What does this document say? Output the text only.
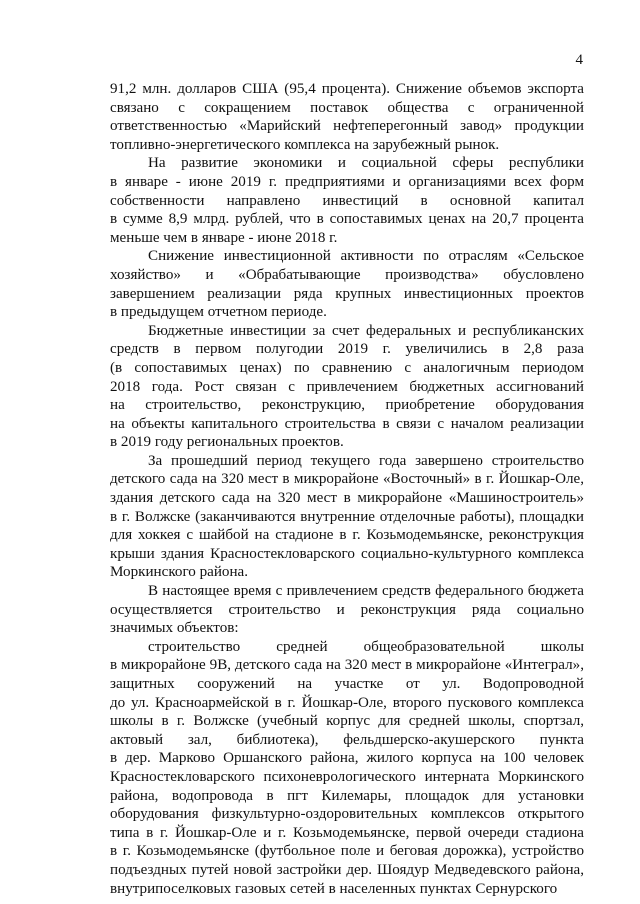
4

91,2 млн. долларов США (95,4 процента). Снижение объемов экспорта
связано с сокращением поставок общества с ограниченной
ответственностью «Марийский нефтеперегонный завод» продукции
топливно-энергетического комплекса на зарубежный рынок.

На развитие экономики и социальной сферы республики
в январе - июне 2019 г. предприятиями и организациями всех форм
собственности направлено инвестиций в основной капитал
в сумме 8,9 млрд. рублей, что в сопоставимых ценах на 20,7 процента
меньше чем в январе - июне 2018 г.

Снижение инвестиционной активности по отраслям «Сельское
хозяйство» и «Обрабатывающие производства» обусловлено
завершением реализации ряда крупных инвестиционных проектов
в предыдущем отчетном периоде.

Бюджетные инвестиции за счет федеральных и республиканских
средств в первом полугодии 2019 г. увеличились в 2,8 раза
(в сопоставимых ценах) по сравнению с аналогичным периодом
2018 года. Рост связан с привлечением бюджетных ассигнований
на строительство, реконструкцию, приобретение оборудования
на объекты капитального строительства в связи с началом реализации
в 2019 году региональных проектов.

За прошедший период текущего года завершено строительство
детского сада на 320 мест в микрорайоне «Восточный» в г. Йошкар-Оле,
здания детского сада на 320 мест в микрорайоне «Машиностроитель»
в г. Волжске (заканчиваются внутренние отделочные работы), площадки
для хоккея с шайбой на стадионе в г. Козьмодемьянске, реконструкция
крыши здания Красностекловарского социально-культурного комплекса
Моркинского района.

В настоящее время с привлечением средств федерального бюджета
осуществляется строительство и реконструкция ряда социально
значимых объектов:

строительство средней общеобразовательной школы
в микрорайоне 9В, детского сада на 320 мест в микрорайоне «Интеграл»,
защитных сооружений на участке от ул. Водопроводной
до ул. Красноармейской в г. Йошкар-Оле, второго пускового комплекса
школы в г. Волжске (учебный корпус для средней школы, спортзал,
актовый зал, библиотека), фельдшерско-акушерского пункта
в дер. Марково Оршанского района, жилого корпуса на 100 человек
Красностекловарского психоневрологического интерната Моркинского
района, водопровода в пгт Килемары, площадок для установки
оборудования физкультурно-оздоровительных комплексов открытого
типа в г. Йошкар-Оле и г. Козьмодемьянске, первой очереди стадиона
в г. Козьмодемьянске (футбольное поле и беговая дорожка), устройство
подъездных путей новой застройки дер. Шоядур Медведевского района,
внутрипоселковых газовых сетей в населенных пунктах Сернурского
